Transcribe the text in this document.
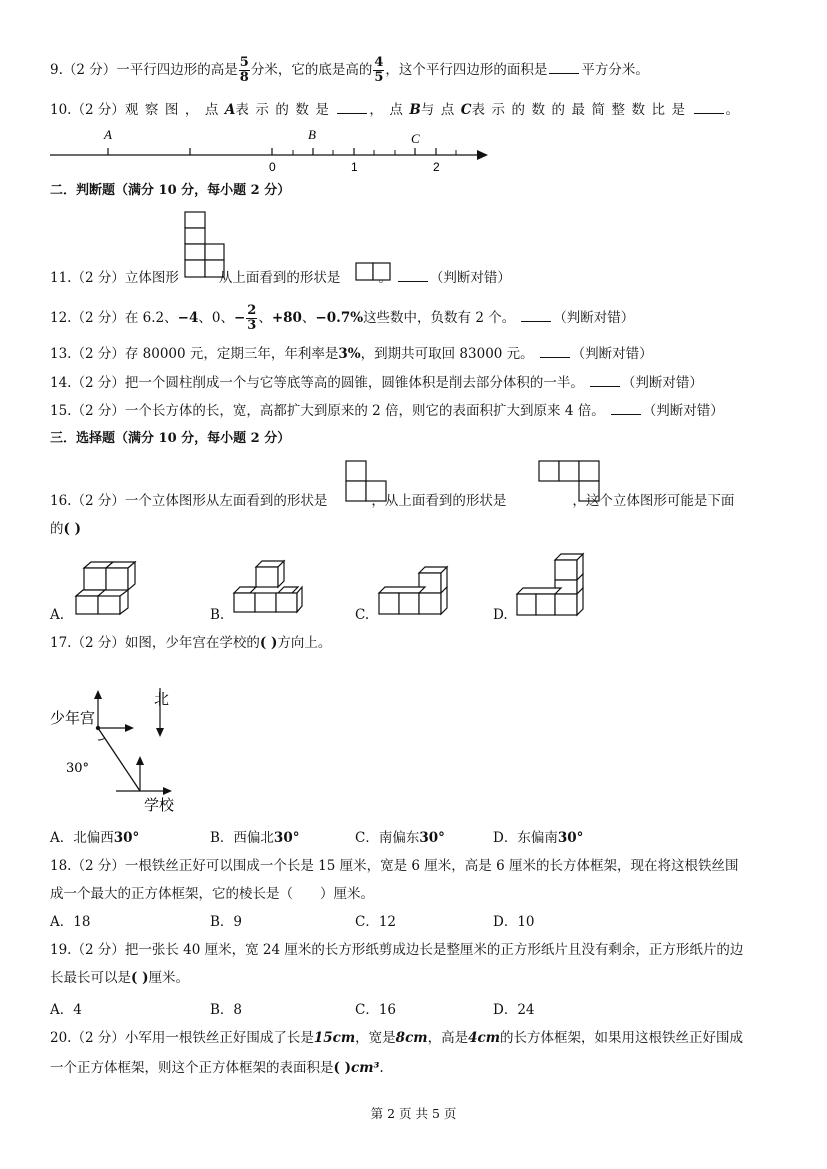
9.（2 分）一平行四边形的高是 $\frac{5}{8}$ 分米，它的底是高的 $\frac{4}{5}$ ，这个平行四边形的面积是	平方分米。
10.（2 分）观察图，点A表示的数是	，点B与点C表示的数的最简整数比是	。
A	B	C
0	1	2
二．判断题（满分 10 分，每小题 2 分）
11.（2 分）立体图形	从上面看到的形状是	。	（判断对错）
12.（2 分）在 6.2、−4、0、− $\frac{2}{3}$ 、+80、−0.7%这些数中，负数有 2 个。	（判断对错）
13.（2 分）存 80000 元，定期三年，年利率是3%，到期共可取回 83000 元。	（判断对错）
14.（2 分）把一个圆柱削成一个与它等底等高的圆锥，圆锥体积是削去部分体积的一半。	（判断对错）
15.（2 分）一个长方体的长，宽，高都扩大到原来的 2 倍，则它的表面积扩大到原来 4 倍。	（判断对错）
三．选择题（满分 10 分，每小题 2 分）
16.（2 分）一个立体图形从左面看到的形状是	，从上面看到的形状是	，这个立体图形可能是下面
的( )
A.	B.	C.	D.
17.（2 分）如图，少年宫在学校的( )方向上。
少年宫
学校
北
30°
A．北偏西30°	B．西偏北30°	C．南偏东30°	D．东偏南30°
18.（2 分）一根铁丝正好可以围成一个长是 15 厘米，宽是 6 厘米，高是 6 厘米的长方体框架，现在将这根铁丝围
成一个最大的正方体框架，它的棱长是（　　）厘米。
A．18	B．9	C．12	D．10
19.（2 分）把一张长 40 厘米，宽 24 厘米的长方形纸剪成边长是整厘米的正方形纸片且没有剩余，正方形纸片的边
长最长可以是( )厘米。
A．4	B．8	C．16	D．24
20.（2 分）小军用一根铁丝正好围成了长是15cm，宽是8cm，高是4cm的长方体框架，如果用这根铁丝正好围成
一个正方体框架，则这个正方体框架的表面积是( )cm³.
第 2 页 共 5 页
